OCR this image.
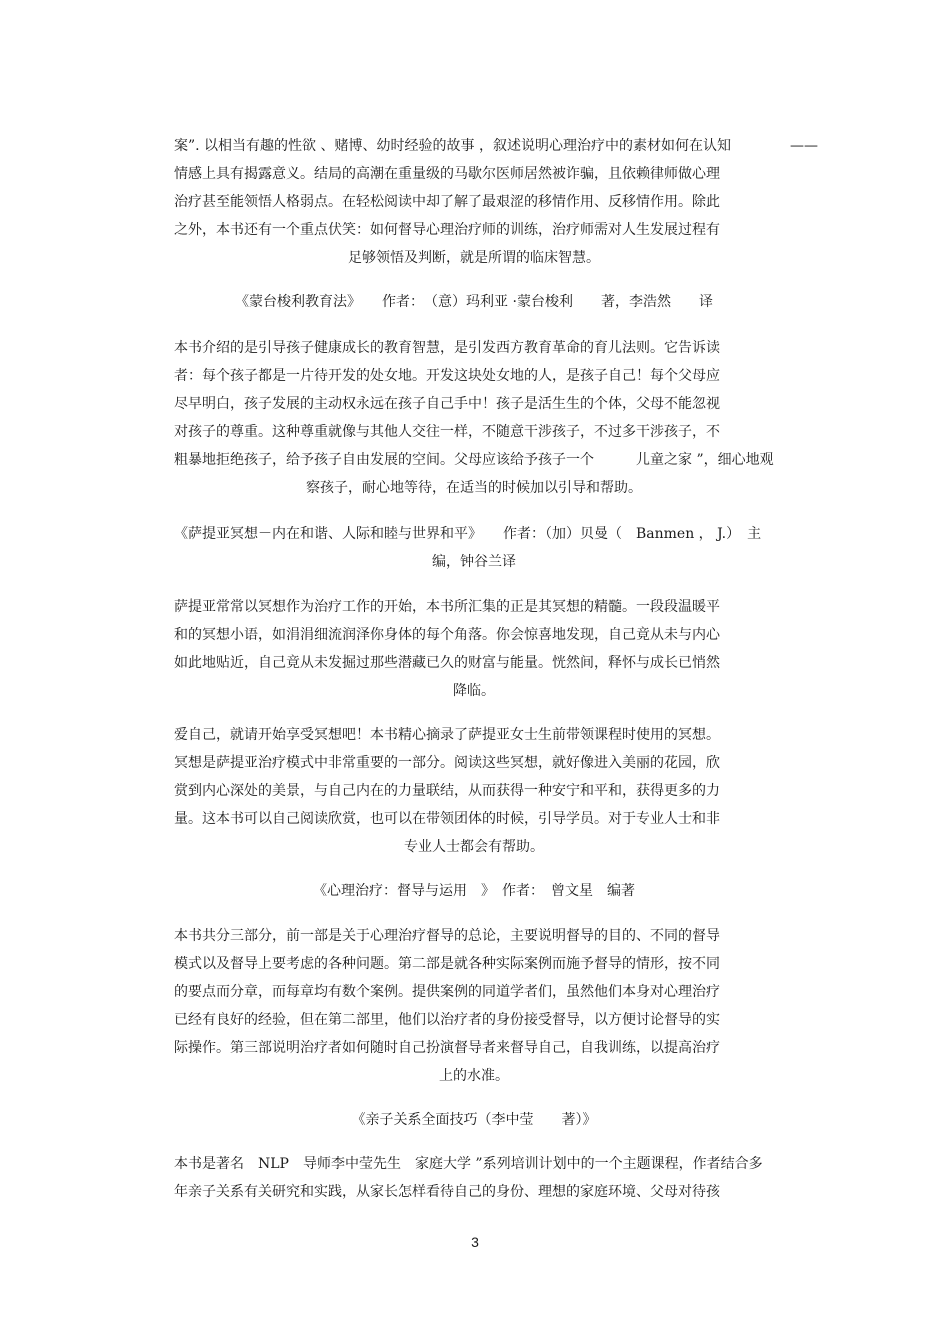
案”. 以相当有趣的性欲 、赌博、幼时经验的故事 ，叙述说明心理治疗中的素材如何在认知	——
情感上具有揭露意义。结局的高潮在重量级的马歇尔医师居然被诈骗，且依赖律师做心理
治疗甚至能领悟人格弱点。在轻松阅读中却了解了最艰涩的移情作用、反移情作用。除此
之外，本书还有一个重点伏笑：如何督导心理治疗师的训练，治疗师需对人生发展过程有
足够领悟及判断，就是所谓的临床智慧。
《蒙台梭利教育法》　　作者：　（意）玛利亚 ·蒙台梭利　　著，李浩然　　译
本书介绍的是引导孩子健康成长的教育智慧，是引发西方教育革命的育儿法则。它告诉读
者：每个孩子都是一片待开发的处女地。开发这块处女地的人，是孩子自己！每个父母应
尽早明白，孩子发展的主动权永远在孩子自己手中！孩子是活生生的个体，父母不能忽视
对孩子的尊重。这种尊重就像与其他人交往一样，不随意干涉孩子，不过多干涉孩子，不
粗暴地拒绝孩子，给予孩子自由发展的空间。父母应该给予孩子一个　　　儿童之家 ”，细心地观
察孩子，耐心地等待，在适当的时候加以引导和帮助。
《萨提亚冥想－内在和谐、人际和睦与世界和平》　　作者：（加）贝曼（　Banmen ， J.）　主
编，钟谷兰译
萨提亚常常以冥想作为治疗工作的开始，本书所汇集的正是其冥想的精髓。一段段温暖平
和的冥想小语，如涓涓细流润泽你身体的每个角落。你会惊喜地发现，自己竟从未与内心
如此地贴近，自己竟从未发掘过那些潜藏已久的财富与能量。恍然间，释怀与成长已悄然
降临。
爱自己，就请开始享受冥想吧！本书精心摘录了萨提亚女士生前带领课程时使用的冥想。
冥想是萨提亚治疗模式中非常重要的一部分。阅读这些冥想，就好像进入美丽的花园，欣
赏到内心深处的美景，与自己内在的力量联结，从而获得一种安宁和平和，获得更多的力
量。这本书可以自己阅读欣赏，也可以在带领团体的时候，引导学员。对于专业人士和非
专业人士都会有帮助。
《心理治疗：督导与运用　》　作者：　曾文星　编著
本书共分三部分，前一部是关于心理治疗督导的总论，主要说明督导的目的、不同的督导
模式以及督导上要考虑的各种问题。第二部是就各种实际案例而施予督导的情形，按不同
的要点而分章，而每章均有数个案例。提供案例的同道学者们，虽然他们本身对心理治疗
已经有良好的经验，但在第二部里，他们以治疗者的身份接受督导，以方便讨论督导的实
际操作。第三部说明治疗者如何随时自己扮演督导者来督导自己，自我训练，以提高治疗
上的水准。
《亲子关系全面技巧（李中莹　　著）》
本书是著名　NLP　导师李中莹先生　家庭大学 ”系列培训计划中的一个主题课程，作者结合多
年亲子关系有关研究和实践，从家长怎样看待自己的身份、理想的家庭环境、父母对待孩
3
